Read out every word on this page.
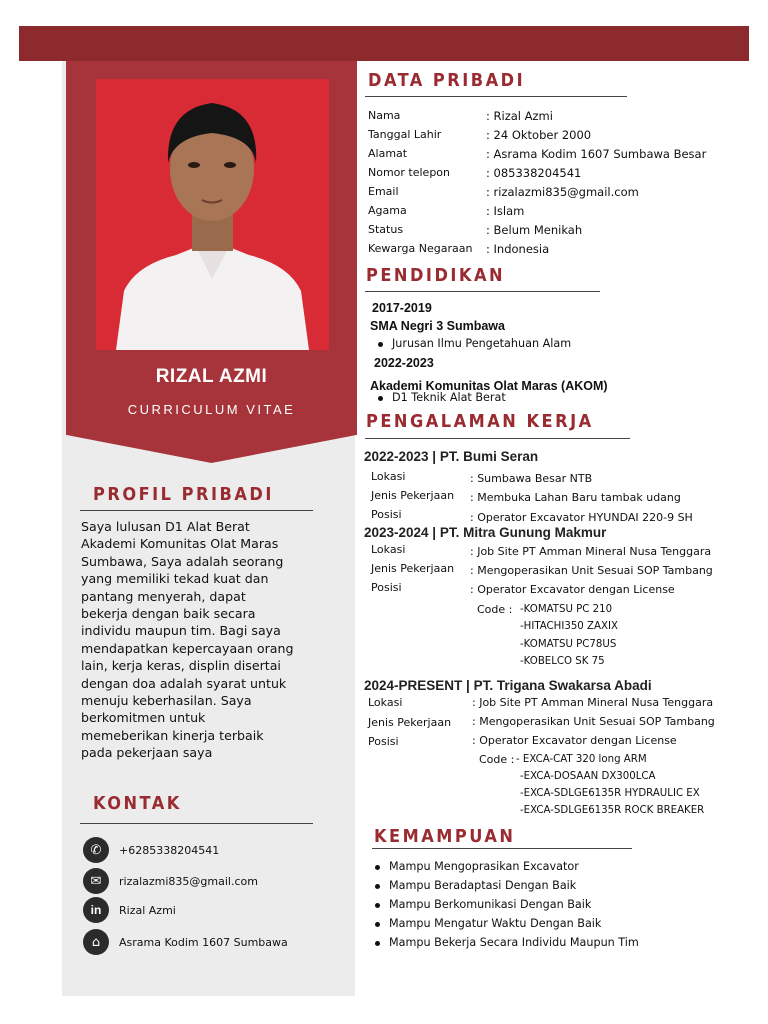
RIZAL AZMI
CURRICULUM VITAE
PROFIL PRIBADI
Saya lulusan D1 Alat Berat Akademi Komunitas Olat Maras Sumbawa, Saya adalah seorang yang memiliki tekad kuat dan pantang menyerah, dapat bekerja dengan baik secara individu maupun tim. Bagi saya mendapatkan kepercayaan orang lain, kerja keras, displin disertai dengan doa adalah syarat untuk menuju keberhasilan. Saya berkomitmen untuk memeberikan kinerja terbaik pada pekerjaan saya
KONTAK
✆	+6285338204541
✉	rizalazmi835@gmail.com
in	Rizal Azmi
⌂	Asrama Kodim 1607 Sumbawa
DATA PRIBADI
Nama	: Rizal Azmi
Tanggal Lahir	: 24 Oktober 2000
Alamat	: Asrama Kodim 1607 Sumbawa Besar
Nomor telepon	: 085338204541
Email	: rizalazmi835@gmail.com
Agama	: Islam
Status	: Belum Menikah
Kewarga Negaraan : Indonesia
PENDIDIKAN
2017-2019
SMA Negri 3 Sumbawa
Jurusan Ilmu Pengetahuan Alam
2022-2023
Akademi Komunitas Olat Maras (AKOM)
D1 Teknik Alat Berat
PENGALAMAN KERJA
2022-2023 | PT. Bumi Seran
Lokasi	: Sumbawa Besar NTB
Jenis Pekerjaan : Membuka Lahan Baru tambak udang
Posisi	: Operator Excavator HYUNDAI 220-9 SH
2023-2024 | PT. Mitra Gunung Makmur
Lokasi	: Job Site PT Amman Mineral Nusa Tenggara
Jenis Pekerjaan : Mengoperasikan Unit Sesuai SOP Tambang
Posisi	: Operator Excavator dengan License
Code : -KOMATSU PC 210
-HITACHI350 ZAXIX
-KOMATSU PC78US
-KOBELCO SK 75
2024-PRESENT | PT. Trigana Swakarsa Abadi
Lokasi	: Job Site PT Amman Mineral Nusa Tenggara
Jenis Pekerjaan : Mengoperasikan Unit Sesuai SOP Tambang
Posisi	: Operator Excavator dengan License
Code : - EXCA-CAT 320 long ARM
-EXCA-DOSAAN DX300LCA
-EXCA-SDLGE6135R HYDRAULIC EX
-EXCA-SDLGE6135R ROCK BREAKER
KEMAMPUAN
Mampu Mengoprasikan Excavator
Mampu Beradaptasi Dengan Baik
Mampu Berkomunikasi Dengan Baik
Mampu Mengatur Waktu Dengan Baik
Mampu Bekerja Secara Individu Maupun Tim
